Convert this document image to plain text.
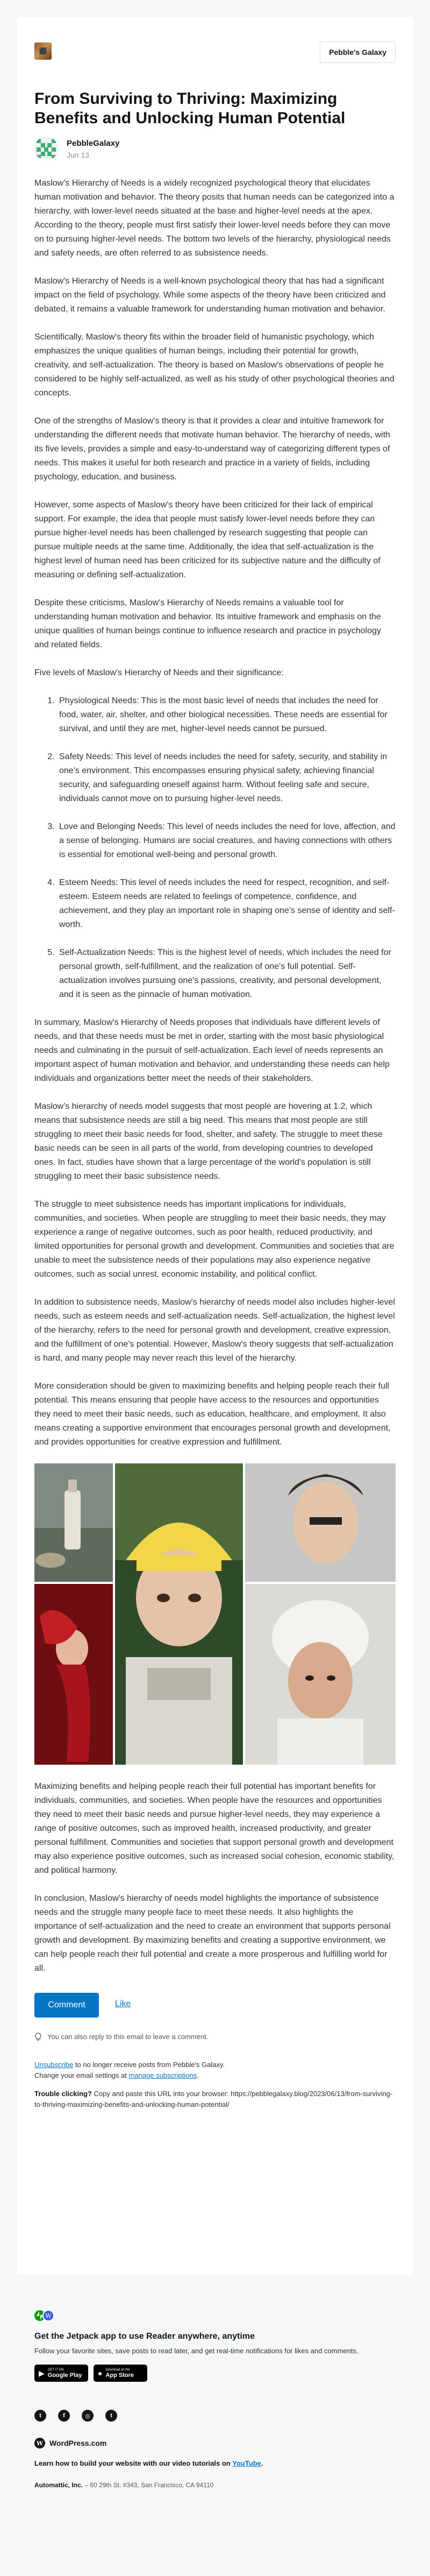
⬛	Pebble's Galaxy
From Surviving to Thriving: Maximizing Benefits and Unlocking Human Potential
PebbleGalaxy
Jun 13

Maslow's Hierarchy of Needs is a widely recognized psychological theory that elucidates human motivation and behavior. The theory posits that human needs can be categorized into a hierarchy, with lower-level needs situated at the base and higher-level needs at the apex. According to the theory, people must first satisfy their lower-level needs before they can move on to pursuing higher-level needs. The bottom two levels of the hierarchy, physiological needs and safety needs, are often referred to as subsistence needs.

Maslow's Hierarchy of Needs is a well-known psychological theory that has had a significant impact on the field of psychology. While some aspects of the theory have been criticized and debated, it remains a valuable framework for understanding human motivation and behavior.

Scientifically, Maslow's theory fits within the broader field of humanistic psychology, which emphasizes the unique qualities of human beings, including their potential for growth, creativity, and self-actualization. The theory is based on Maslow's observations of people he considered to be highly self-actualized, as well as his study of other psychological theories and concepts.

One of the strengths of Maslow's theory is that it provides a clear and intuitive framework for understanding the different needs that motivate human behavior. The hierarchy of needs, with its five levels, provides a simple and easy-to-understand way of categorizing different types of needs. This makes it useful for both research and practice in a variety of fields, including psychology, education, and business.

However, some aspects of Maslow's theory have been criticized for their lack of empirical support. For example, the idea that people must satisfy lower-level needs before they can pursue higher-level needs has been challenged by research suggesting that people can pursue multiple needs at the same time. Additionally, the idea that self-actualization is the highest level of human need has been criticized for its subjective nature and the difficulty of measuring or defining self-actualization.

Despite these criticisms, Maslow's Hierarchy of Needs remains a valuable tool for understanding human motivation and behavior. Its intuitive framework and emphasis on the unique qualities of human beings continue to influence research and practice in psychology and related fields.

Five levels of Maslow's Hierarchy of Needs and their significance:

1. Physiological Needs: This is the most basic level of needs that includes the need for food, water, air, shelter, and other biological necessities. These needs are essential for survival, and until they are met, higher-level needs cannot be pursued.
2. Safety Needs: This level of needs includes the need for safety, security, and stability in one's environment. This encompasses ensuring physical safety, achieving financial security, and safeguarding oneself against harm. Without feeling safe and secure, individuals cannot move on to pursuing higher-level needs.
3. Love and Belonging Needs: This level of needs includes the need for love, affection, and a sense of belonging. Humans are social creatures, and having connections with others is essential for emotional well-being and personal growth.
4. Esteem Needs: This level of needs includes the need for respect, recognition, and self-esteem. Esteem needs are related to feelings of competence, confidence, and achievement, and they play an important role in shaping one's sense of identity and self-worth.
5. Self-Actualization Needs: This is the highest level of needs, which includes the need for personal growth, self-fulfillment, and the realization of one's full potential. Self-actualization involves pursuing one's passions, creativity, and personal development, and it is seen as the pinnacle of human motivation.

In summary, Maslow's Hierarchy of Needs proposes that individuals have different levels of needs, and that these needs must be met in order, starting with the most basic physiological needs and culminating in the pursuit of self-actualization. Each level of needs represents an important aspect of human motivation and behavior, and understanding these needs can help individuals and organizations better meet the needs of their stakeholders.

Maslow's hierarchy of needs model suggests that most people are hovering at 1.2, which means that subsistence needs are still a big need. This means that most people are still struggling to meet their basic needs for food, shelter, and safety. The struggle to meet these basic needs can be seen in all parts of the world, from developing countries to developed ones. In fact, studies have shown that a large percentage of the world's population is still struggling to meet their basic subsistence needs.

The struggle to meet subsistence needs has important implications for individuals, communities, and societies. When people are struggling to meet their basic needs, they may experience a range of negative outcomes, such as poor health, reduced productivity, and limited opportunities for personal growth and development. Communities and societies that are unable to meet the subsistence needs of their populations may also experience negative outcomes, such as social unrest, economic instability, and political conflict.

In addition to subsistence needs, Maslow's hierarchy of needs model also includes higher-level needs, such as esteem needs and self-actualization needs. Self-actualization, the highest level of the hierarchy, refers to the need for personal growth and development, creative expression, and the fulfillment of one's potential. However, Maslow's theory suggests that self-actualization is hard, and many people may never reach this level of the hierarchy.

More consideration should be given to maximizing benefits and helping people reach their full potential. This means ensuring that people have access to the resources and opportunities they need to meet their basic needs, such as education, healthcare, and employment. It also means creating a supportive environment that encourages personal growth and development, and provides opportunities for creative expression and fulfillment.

Maximizing benefits and helping people reach their full potential has important benefits for individuals, communities, and societies. When people have the resources and opportunities they need to meet their basic needs and pursue higher-level needs, they may experience a range of positive outcomes, such as improved health, increased productivity, and greater personal fulfillment. Communities and societies that support personal growth and development may also experience positive outcomes, such as increased social cohesion, economic stability, and political harmony.

In conclusion, Maslow's hierarchy of needs model highlights the importance of subsistence needs and the struggle many people face to meet these needs. It also highlights the importance of self-actualization and the need to create an environment that supports personal growth and development. By maximizing benefits and creating a supportive environment, we can help people reach their full potential and create a more prosperous and fulfilling world for all.

Comment	Like
You can also reply to this email to leave a comment.
Unsubscribe to no longer receive posts from Pebble's Galaxy.
Change your email settings at manage subscriptions.
Trouble clicking? Copy and paste this URL into your browser: https://pebblegalaxy.blog/2023/06/13/from-surviving-to-thriving-maximizing-benefits-and-unlocking-human-potential/
W
Get the Jetpack app to use Reader anywhere, anytime
Follow your favorite sites, save posts to read later, and get real-time notifications for likes and comments.
▶ GET IT ON
Google Play ● Download on the
App Store
t	f	◎	t
W WordPress.com
Learn how to build your website with our video tutorials on YouTube.
Automattic, Inc. – 60 29th St. #343, San Francisco, CA 94110
